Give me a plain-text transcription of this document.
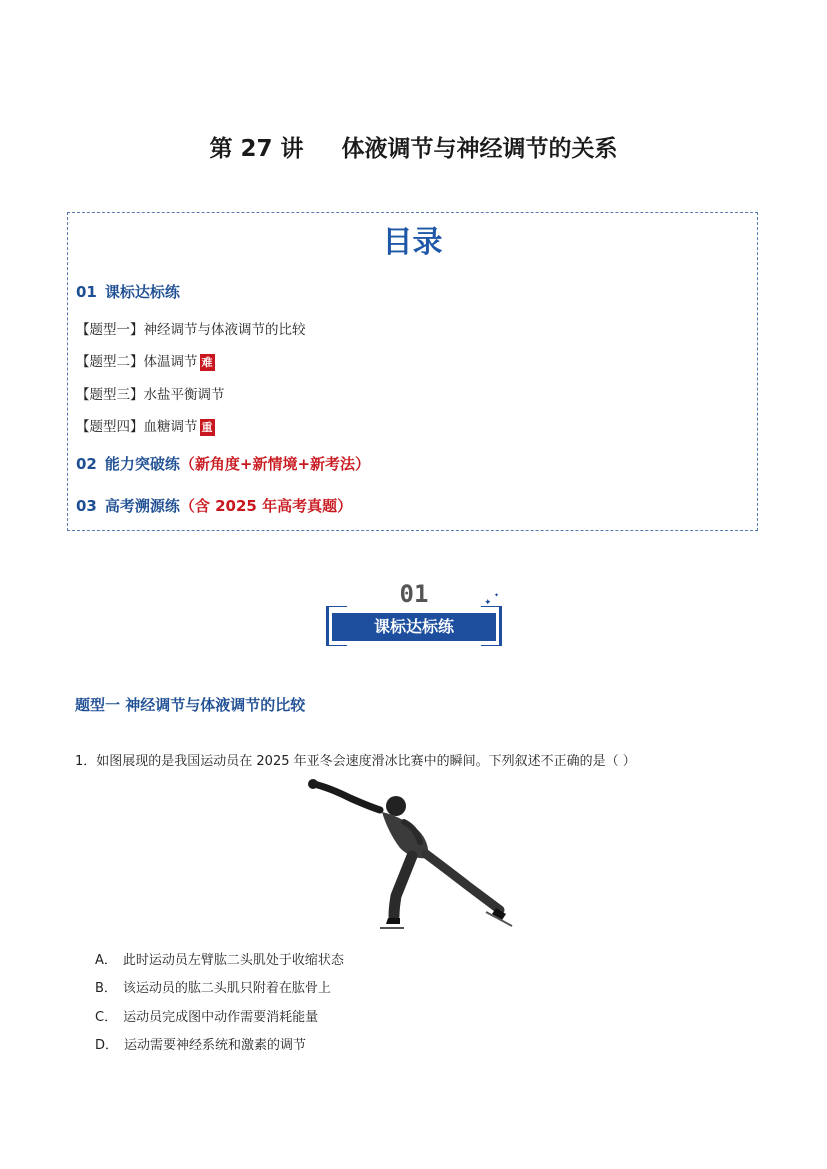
第 27 讲 体液调节与神经调节的关系
目录
01 课标达标练
【题型一】神经调节与体液调节的比较
【题型二】体温调节 难
【题型三】水盐平衡调节
【题型四】血糖调节 重
02 能力突破练（新角度+新情境+新考法）
03 高考溯源练（含 2025 年高考真题）
01
课标达标练
✦
✦
题型一 神经调节与体液调节的比较
1．如图展现的是我国运动员在 2025 年亚冬会速度滑冰比赛中的瞬间。下列叙述不正确的是（ ）
A． 此时运动员左臂肱二头肌处于收缩状态
B． 该运动员的肱二头肌只附着在肱骨上
C． 运动员完成图中动作需要消耗能量
D． 运动需要神经系统和激素的调节
